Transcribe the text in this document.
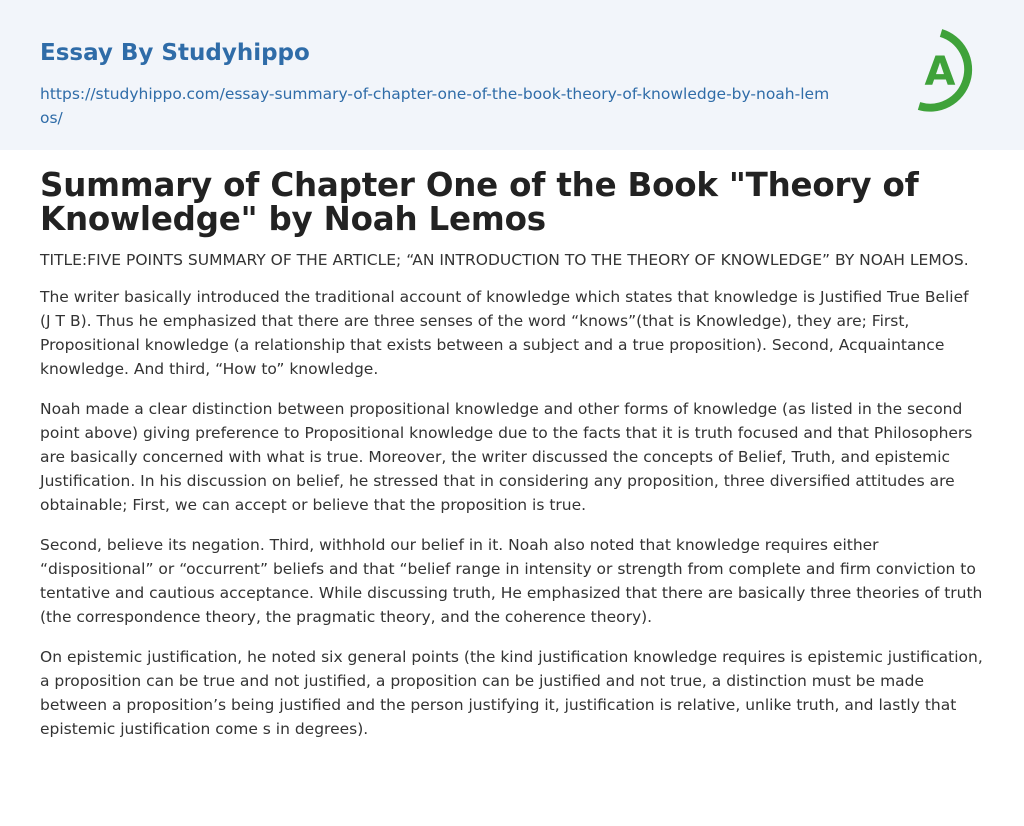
Essay By Studyhippo
https://studyhippo.com/essay-summary-of-chapter-one-of-the-book-theory-of-knowledge-by-noah-lemos/
A
Summary of Chapter One of the Book "Theory of Knowledge" by Noah Lemos

TITLE:FIVE POINTS SUMMARY OF THE ARTICLE; “AN INTRODUCTION TO THE THEORY OF KNOWLEDGE” BY NOAH LEMOS.

The writer basically introduced the traditional account of knowledge which states that knowledge is Justified True Belief (J T B). Thus he emphasized that there are three senses of the word “knows”(that is Knowledge), they are; First, Propositional knowledge (a relationship that exists between a subject and a true proposition). Second, Acquaintance knowledge. And third, “How to” knowledge.

Noah made a clear distinction between propositional knowledge and other forms of knowledge (as listed in the second point above) giving preference to Propositional knowledge due to the facts that it is truth focused and that Philosophers are basically concerned with what is true. Moreover, the writer discussed the concepts of Belief, Truth, and epistemic Justification. In his discussion on belief, he stressed that in considering any proposition, three diversified attitudes are obtainable; First, we can accept or believe that the proposition is true.

Second, believe its negation. Third, withhold our belief in it. Noah also noted that knowledge requires either “dispositional” or “occurrent” beliefs and that “belief range in intensity or strength from complete and firm conviction to tentative and cautious acceptance. While discussing truth, He emphasized that there are basically three theories of truth (the correspondence theory, the pragmatic theory, and the coherence theory).

On epistemic justification, he noted six general points (the kind justification knowledge requires is epistemic justification, a proposition can be true and not justified, a proposition can be justified and not true, a distinction must be made between a proposition’s being justified and the person justifying it, justification is relative, unlike truth, and lastly that epistemic justification come s in degrees).
